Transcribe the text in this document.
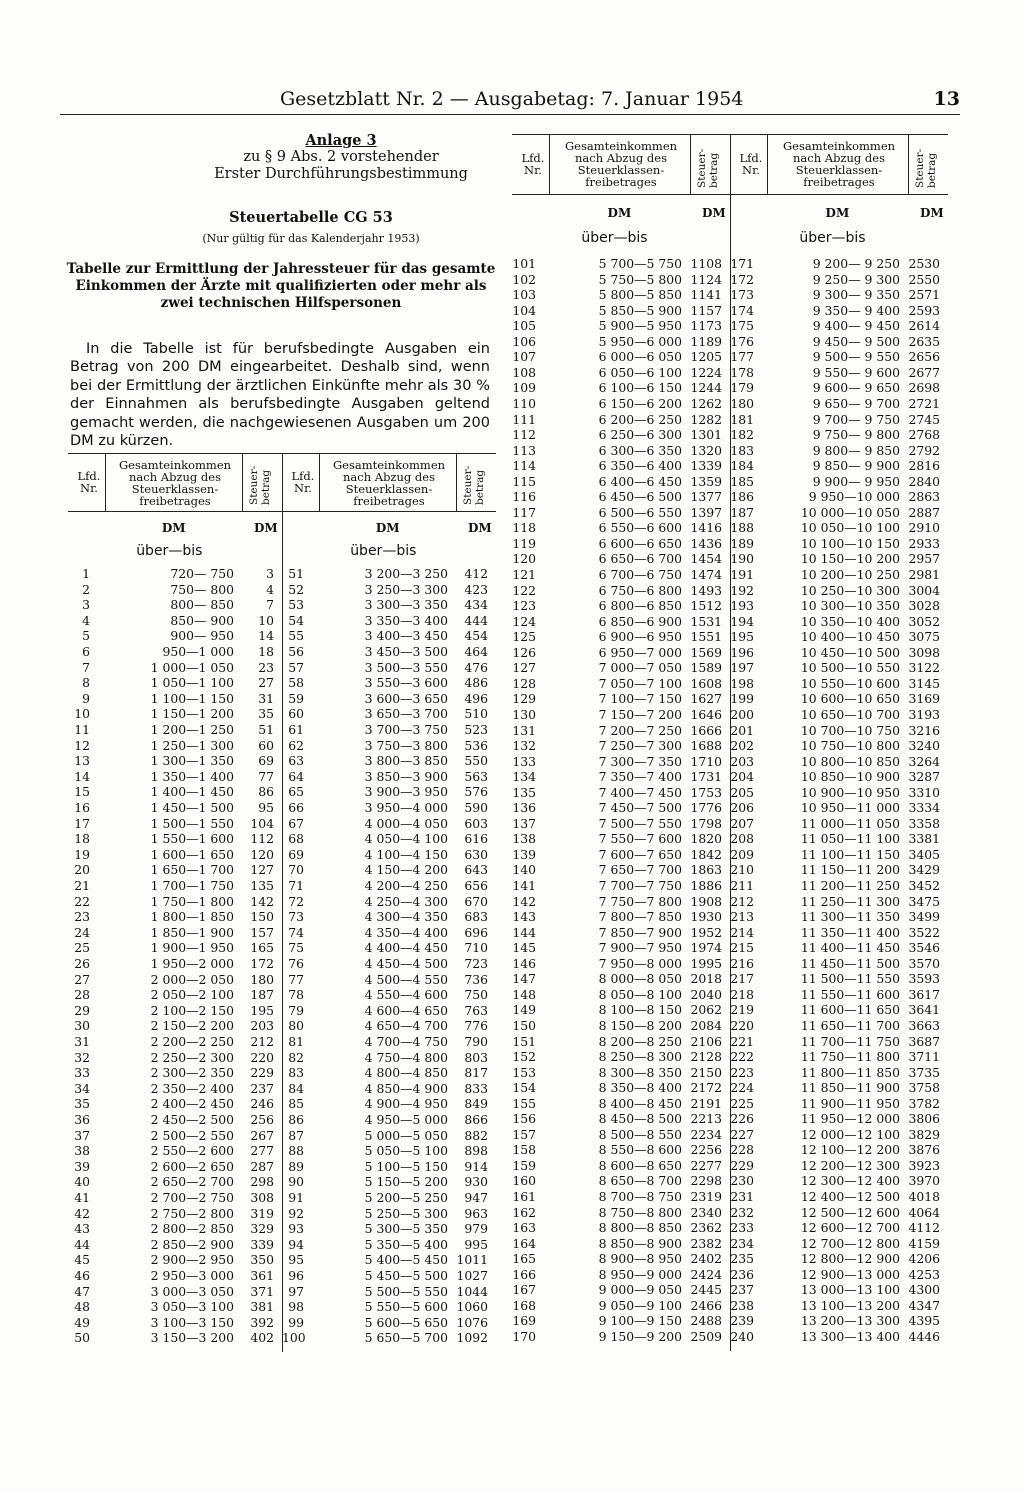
Gesetzblatt Nr. 2 — Ausgabetag: 7. Januar 1954	13
Anlage 3
zu § 9 Abs. 2 vorstehender
Erster Durchführungsbestimmung
Steuertabelle CG 53
(Nur gültig für das Kalenderjahr 1953)
Tabelle zur Ermittlung der Jahressteuer für das gesamte Einkommen der Ärzte mit qualifizierten oder mehr als zwei technischen Hilfspersonen
In die Tabelle ist für berufsbedingte Ausgaben ein Betrag von 200 DM eingearbeitet. Deshalb sind, wenn bei der Ermittlung der ärztlichen Einkünfte mehr als 30 % der Einnahmen als berufsbedingte Ausgaben geltend gemacht werden, die nachgewiesenen Ausgaben um 200 DM zu kürzen.
Lfd.
Nr.
Gesamteinkommen
nach Abzug des
Steuerklassen-
freibetrages	Steuer- betrag
DM	DM
über—bis
1	720— 750	3
2	750— 800	4
3	800— 850	7
4	850— 900	10
5	900— 950	14
6	950—1 000	18
7	1 000—1 050	23
8	1 050—1 100	27
9	1 100—1 150	31
10	1 150—1 200	35
11	1 200—1 250	51
12	1 250—1 300	60
13	1 300—1 350	69
14	1 350—1 400	77
15	1 400—1 450	86
16	1 450—1 500	95
17	1 500—1 550	104
18	1 550—1 600	112
19	1 600—1 650	120
20	1 650—1 700	127
21	1 700—1 750	135
22	1 750—1 800	142
23	1 800—1 850	150
24	1 850—1 900	157
25	1 900—1 950	165
26	1 950—2 000	172
27	2 000—2 050	180
28	2 050—2 100	187
29	2 100—2 150	195
30	2 150—2 200	203
31	2 200—2 250	212
32	2 250—2 300	220
33	2 300—2 350	229
34	2 350—2 400	237
35	2 400—2 450	246
36	2 450—2 500	256
37	2 500—2 550	267
38	2 550—2 600	277
39	2 600—2 650	287
40	2 650—2 700	298
41	2 700—2 750	308
42	2 750—2 800	319
43	2 800—2 850	329
44	2 850—2 900	339
45	2 900—2 950	350
46	2 950—3 000	361
47	3 000—3 050	371
48	3 050—3 100	381
49	3 100—3 150	392
50	3 150—3 200	402
Lfd.
Nr.
Gesamteinkommen
nach Abzug des
Steuerklassen-
freibetrages	Steuer- betrag
DM	DM
über—bis
51	3 200—3 250	412
52	3 250—3 300	423
53	3 300—3 350	434
54	3 350—3 400	444
55	3 400—3 450	454
56	3 450—3 500	464
57	3 500—3 550	476
58	3 550—3 600	486
59	3 600—3 650	496
60	3 650—3 700	510
61	3 700—3 750	523
62	3 750—3 800	536
63	3 800—3 850	550
64	3 850—3 900	563
65	3 900—3 950	576
66	3 950—4 000	590
67	4 000—4 050	603
68	4 050—4 100	616
69	4 100—4 150	630
70	4 150—4 200	643
71	4 200—4 250	656
72	4 250—4 300	670
73	4 300—4 350	683
74	4 350—4 400	696
75	4 400—4 450	710
76	4 450—4 500	723
77	4 500—4 550	736
78	4 550—4 600	750
79	4 600—4 650	763
80	4 650—4 700	776
81	4 700—4 750	790
82	4 750—4 800	803
83	4 800—4 850	817
84	4 850—4 900	833
85	4 900—4 950	849
86	4 950—5 000	866
87	5 000—5 050	882
88	5 050—5 100	898
89	5 100—5 150	914
90	5 150—5 200	930
91	5 200—5 250	947
92	5 250—5 300	963
93	5 300—5 350	979
94	5 350—5 400	995
95	5 400—5 450 1011
96	5 450—5 500 1027
97	5 500—5 550 1044
98	5 550—5 600 1060
99	5 600—5 650 1076
100	5 650—5 700 1092
Lfd.
Nr.
Gesamteinkommen
nach Abzug des
Steuerklassen-
freibetrages	Steuer- betrag
DM	DM
über—bis
101	5 700—5 750 1108
102	5 750—5 800 1124
103	5 800—5 850 1141
104	5 850—5 900 1157
105	5 900—5 950 1173
106	5 950—6 000 1189
107	6 000—6 050 1205
108	6 050—6 100 1224
109	6 100—6 150 1244
110	6 150—6 200 1262
111	6 200—6 250 1282
112	6 250—6 300 1301
113	6 300—6 350 1320
114	6 350—6 400 1339
115	6 400—6 450 1359
116	6 450—6 500 1377
117	6 500—6 550 1397
118	6 550—6 600 1416
119	6 600—6 650 1436
120	6 650—6 700 1454
121	6 700—6 750 1474
122	6 750—6 800 1493
123	6 800—6 850 1512
124	6 850—6 900 1531
125	6 900—6 950 1551
126	6 950—7 000 1569
127	7 000—7 050 1589
128	7 050—7 100 1608
129	7 100—7 150 1627
130	7 150—7 200 1646
131	7 200—7 250 1666
132	7 250—7 300 1688
133	7 300—7 350 1710
134	7 350—7 400 1731
135	7 400—7 450 1753
136	7 450—7 500 1776
137	7 500—7 550 1798
138	7 550—7 600 1820
139	7 600—7 650 1842
140	7 650—7 700 1863
141	7 700—7 750 1886
142	7 750—7 800 1908
143	7 800—7 850 1930
144	7 850—7 900 1952
145	7 900—7 950 1974
146	7 950—8 000 1995
147	8 000—8 050 2018
148	8 050—8 100 2040
149	8 100—8 150 2062
150	8 150—8 200 2084
151	8 200—8 250 2106
152	8 250—8 300 2128
153	8 300—8 350 2150
154	8 350—8 400 2172
155	8 400—8 450 2191
156	8 450—8 500 2213
157	8 500—8 550 2234
158	8 550—8 600 2256
159	8 600—8 650 2277
160	8 650—8 700 2298
161	8 700—8 750 2319
162	8 750—8 800 2340
163	8 800—8 850 2362
164	8 850—8 900 2382
165	8 900—8 950 2402
166	8 950—9 000 2424
167	9 000—9 050 2445
168	9 050—9 100 2466
169	9 100—9 150 2488
170	9 150—9 200 2509
Lfd.
Nr.
Gesamteinkommen
nach Abzug des
Steuerklassen-
freibetrages	Steuer- betrag
DM	DM
über—bis
171	9 200— 9 250 2530
172	9 250— 9 300 2550
173	9 300— 9 350 2571
174	9 350— 9 400 2593
175	9 400— 9 450 2614
176	9 450— 9 500 2635
177	9 500— 9 550 2656
178	9 550— 9 600 2677
179	9 600— 9 650 2698
180	9 650— 9 700 2721
181	9 700— 9 750 2745
182	9 750— 9 800 2768
183	9 800— 9 850 2792
184	9 850— 9 900 2816
185	9 900— 9 950 2840
186	9 950—10 000 2863
187	10 000—10 050 2887
188	10 050—10 100 2910
189	10 100—10 150 2933
190	10 150—10 200 2957
191	10 200—10 250 2981
192	10 250—10 300 3004
193	10 300—10 350 3028
194	10 350—10 400 3052
195	10 400—10 450 3075
196	10 450—10 500 3098
197	10 500—10 550 3122
198	10 550—10 600 3145
199	10 600—10 650 3169
200	10 650—10 700 3193
201	10 700—10 750 3216
202	10 750—10 800 3240
203	10 800—10 850 3264
204	10 850—10 900 3287
205	10 900—10 950 3310
206	10 950—11 000 3334
207	11 000—11 050 3358
208	11 050—11 100 3381
209	11 100—11 150 3405
210	11 150—11 200 3429
211	11 200—11 250 3452
212	11 250—11 300 3475
213	11 300—11 350 3499
214	11 350—11 400 3522
215	11 400—11 450 3546
216	11 450—11 500 3570
217	11 500—11 550 3593
218	11 550—11 600 3617
219	11 600—11 650 3641
220	11 650—11 700 3663
221	11 700—11 750 3687
222	11 750—11 800 3711
223	11 800—11 850 3735
224	11 850—11 900 3758
225	11 900—11 950 3782
226	11 950—12 000 3806
227	12 000—12 100 3829
228	12 100—12 200 3876
229	12 200—12 300 3923
230	12 300—12 400 3970
231	12 400—12 500 4018
232	12 500—12 600 4064
233	12 600—12 700 4112
234	12 700—12 800 4159
235	12 800—12 900 4206
236	12 900—13 000 4253
237	13 000—13 100 4300
238	13 100—13 200 4347
239	13 200—13 300 4395
240	13 300—13 400 4446
